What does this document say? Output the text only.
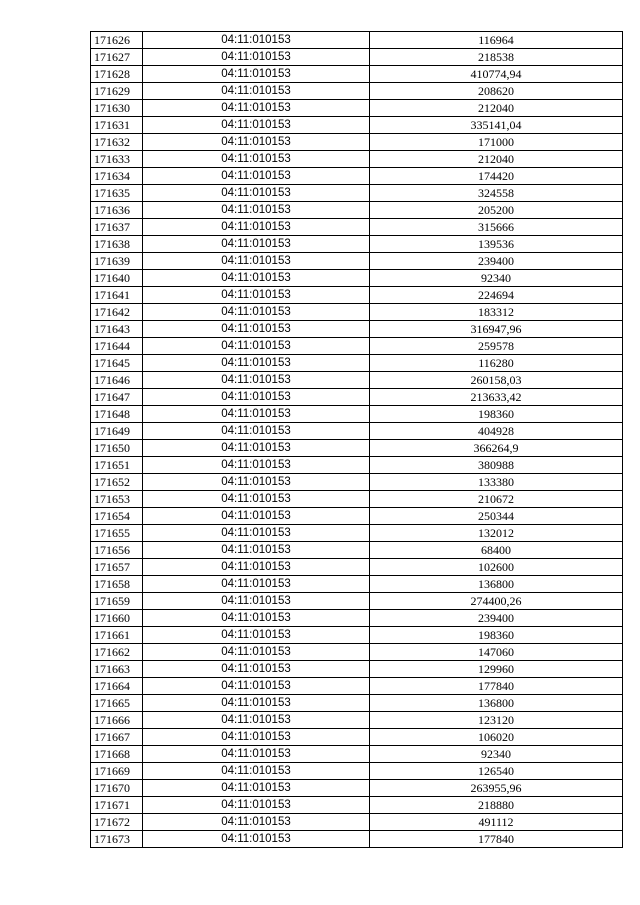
171626	04:11:010153	116964
171627	04:11:010153	218538
171628	04:11:010153	410774,94
171629	04:11:010153	208620
171630	04:11:010153	212040
171631	04:11:010153	335141,04
171632	04:11:010153	171000
171633	04:11:010153	212040
171634	04:11:010153	174420
171635	04:11:010153	324558
171636	04:11:010153	205200
171637	04:11:010153	315666
171638	04:11:010153	139536
171639	04:11:010153	239400
171640	04:11:010153	92340
171641	04:11:010153	224694
171642	04:11:010153	183312
171643	04:11:010153	316947,96
171644	04:11:010153	259578
171645	04:11:010153	116280
171646	04:11:010153	260158,03
171647	04:11:010153	213633,42
171648	04:11:010153	198360
171649	04:11:010153	404928
171650	04:11:010153	366264,9
171651	04:11:010153	380988
171652	04:11:010153	133380
171653	04:11:010153	210672
171654	04:11:010153	250344
171655	04:11:010153	132012
171656	04:11:010153	68400
171657	04:11:010153	102600
171658	04:11:010153	136800
171659	04:11:010153	274400,26
171660	04:11:010153	239400
171661	04:11:010153	198360
171662	04:11:010153	147060
171663	04:11:010153	129960
171664	04:11:010153	177840
171665	04:11:010153	136800
171666	04:11:010153	123120
171667	04:11:010153	106020
171668	04:11:010153	92340
171669	04:11:010153	126540
171670	04:11:010153	263955,96
171671	04:11:010153	218880
171672	04:11:010153	491112
171673	04:11:010153	177840
